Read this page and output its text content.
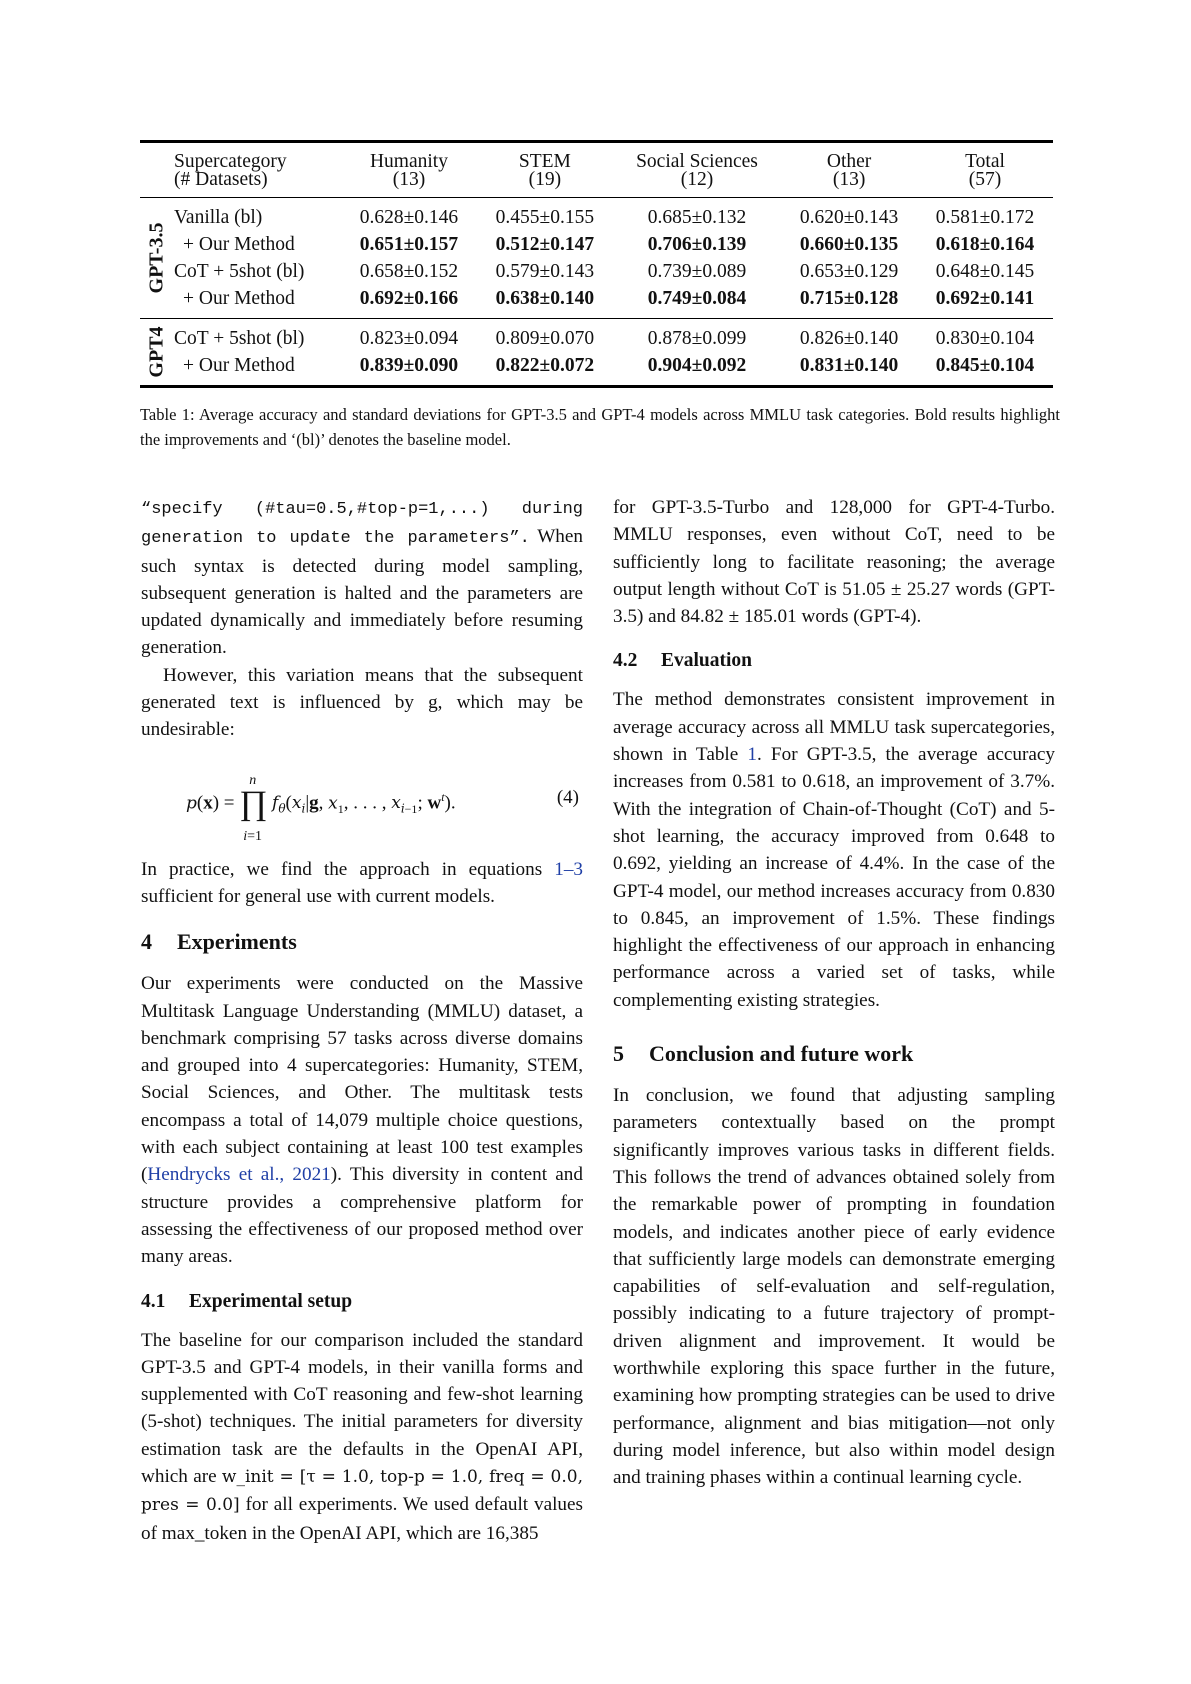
	Supercategory	Humanity	STEM	Social Sciences	Other	Total
	(# Datasets)	(13)	(19)	(12)	(13)	(57)

GPT-3.5	Vanilla (bl)	0.628±0.146	0.455±0.155	0.685±0.132	0.620±0.143	0.581±0.172
	+ Our Method	0.651±0.157	0.512±0.147	0.706±0.139	0.660±0.135	0.618±0.164
	CoT + 5shot (bl)	0.658±0.152	0.579±0.143	0.739±0.089	0.653±0.129	0.648±0.145
	+ Our Method	0.692±0.166	0.638±0.140	0.749±0.084	0.715±0.128	0.692±0.141

GPT4	CoT + 5shot (bl)	0.823±0.094	0.809±0.070	0.878±0.099	0.826±0.140	0.830±0.104
	+ Our Method	0.839±0.090	0.822±0.072	0.904±0.092	0.831±0.140	0.845±0.104

Table 1: Average accuracy and standard deviations for GPT-3.5 and GPT-4 models across MMLU task categories. Bold results highlight the improvements and ‘(bl)’ denotes the baseline model.

“specify (#tau=0.5,#top-p=1,...) during generation to update the parameters”. When such syntax is detected during model sampling, subsequent generation is halted and the parameters are updated dynamically and immediately before resuming generation.

However, this variation means that the subsequent generated text is influenced by g, which may be undesirable:

p(x) = ∏
n
i=1
$f_\theta(x_i|g$, $x_1$, . . . , $x_{i-1}$; $w^t$).	(4)

In practice, we find the approach in equations 1–3 sufficient for general use with current models.

4 Experiments

Our experiments were conducted on the Massive Multitask Language Understanding (MMLU) dataset, a benchmark comprising 57 tasks across diverse domains and grouped into 4 supercategories: Humanity, STEM, Social Sciences, and Other. The multitask tests encompass a total of 14,079 multiple choice questions, with each subject containing at least 100 test examples (Hendrycks et al., 2021). This diversity in content and structure provides a comprehensive platform for assessing the effectiveness of our proposed method over many areas.

4.1 Experimental setup

The baseline for our comparison included the standard GPT-3.5 and GPT-4 models, in their vanilla forms and supplemented with CoT reasoning and few-shot learning (5-shot) techniques. The initial parameters for diversity estimation task are the defaults in the OpenAI API, which are w_init = [τ = 1.0, top-p = 1.0, freq = 0.0, pres = 0.0] for all experiments. We used default values of max_token in the OpenAI API, which are 16,385

for GPT-3.5-Turbo and 128,000 for GPT-4-Turbo. MMLU responses, even without CoT, need to be sufficiently long to facilitate reasoning; the average output length without CoT is 51.05 ± 25.27 words (GPT-3.5) and 84.82 ± 185.01 words (GPT-4).

4.2 Evaluation

The method demonstrates consistent improvement in average accuracy across all MMLU task supercategories, shown in Table 1. For GPT-3.5, the average accuracy increases from 0.581 to 0.618, an improvement of 3.7%. With the integration of Chain-of-Thought (CoT) and 5-shot learning, the accuracy improved from 0.648 to 0.692, yielding an increase of 4.4%. In the case of the GPT-4 model, our method increases accuracy from 0.830 to 0.845, an improvement of 1.5%. These findings highlight the effectiveness of our approach in enhancing performance across a varied set of tasks, while complementing existing strategies.

5 Conclusion and future work

In conclusion, we found that adjusting sampling parameters contextually based on the prompt significantly improves various tasks in different fields. This follows the trend of advances obtained solely from the remarkable power of prompting in foundation models, and indicates another piece of early evidence that sufficiently large models can demonstrate emerging capabilities of self-evaluation and self-regulation, possibly indicating to a future trajectory of prompt-driven alignment and improvement. It would be worthwhile exploring this space further in the future, examining how prompting strategies can be used to drive performance, alignment and bias mitigation—not only during model inference, but also within model design and training phases within a continual learning cycle.
